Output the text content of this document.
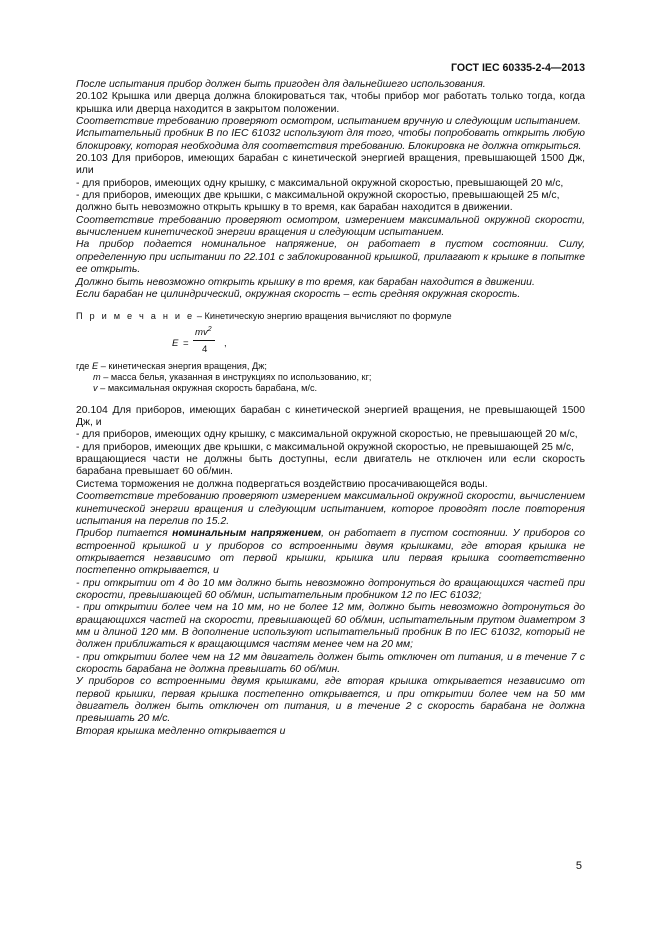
ГОСТ IEC 60335-2-4—2013

После испытания прибор должен быть пригоден для дальнейшего использования.

20.102 Крышка или дверца должна блокироваться так, чтобы прибор мог работать только тогда, когда крышка или дверца находится в закрытом положении.

Соответствие требованию проверяют осмотром, испытанием вручную и следующим испытанием.

Испытательный пробник В по IEC 61032 используют для того, чтобы попробовать открыть любую блокировку, которая необходима для соответствия требованию. Блокировка не должна открыться.

20.103 Для приборов, имеющих барабан с кинетической энергией вращения, превышающей 1500 Дж, или

- для приборов, имеющих одну крышку, с максимальной окружной скоростью, превышающей 20 м/с,

- для приборов, имеющих две крышки, с максимальной окружной скоростью, превышающей 25 м/с,

должно быть невозможно открыть крышку в то время, как барабан находится в движении.

Соответствие требованию проверяют осмотром, измерением максимальной окружной скорости, вычислением кинетической энергии вращения и следующим испытанием.

На прибор подается номинальное напряжение, он работает в пустом состоянии. Силу, определенную при испытании по 22.101 с заблокированной крышкой, прилагают к крышке в попытке ее открыть.

Должно быть невозможно открыть крышку в то время, как барабан находится в движении.

Если барабан не цилиндрический, окружная скорость – есть средняя окружная скорость.

П р и м е ч а н и е – Кинетическую энергию вращения вычисляют по формуле

E =
$mv^2$
4
,

где E – кинетическая энергия вращения, Дж;

m – масса белья, указанная в инструкциях по использованию, кг;

v – максимальная окружная скорость барабана, м/с.

20.104 Для приборов, имеющих барабан с кинетической энергией вращения, не превышающей 1500 Дж, и

- для приборов, имеющих одну крышку, с максимальной окружной скоростью, не превышающей 20 м/с,

- для приборов, имеющих две крышки, с максимальной окружной скоростью, не превышающей 25 м/с,

вращающиеся части не должны быть доступны, если двигатель не отключен или если скорость барабана превышает 60 об/мин.

Система торможения не должна подвергаться воздействию просачивающейся воды.

Соответствие требованию проверяют измерением максимальной окружной скорости, вычислением кинетической энергии вращения и следующим испытанием, которое проводят после повторения испытания на перелив по 15.2.

Прибор питается номинальным напряжением, он работает в пустом состоянии. У приборов со встроенной крышкой и у приборов со встроенными двумя крышками, где вторая крышка не открывается независимо от первой крышки, крышка или первая крышка соответственно постепенно открывается, и

- при открытии от 4 до 10 мм должно быть невозможно дотронуться до вращающихся частей при скорости, превышающей 60 об/мин, испытательным пробником 12 по IEC 61032;

- при открытии более чем на 10 мм, но не более 12 мм, должно быть невозможно дотронуться до вращающихся частей на скорости, превышающей 60 об/мин, испытательным прутом диаметром 3 мм и длиной 120 мм. В дополнение используют испытательный пробник В по IEC 61032, который не должен приближаться к вращающимся частям менее чем на 20 мм;

- при открытии более чем на 12 мм двигатель должен быть отключен от питания, и в течение 7 с скорость барабана не должна превышать 60 об/мин.

У приборов со встроенными двумя крышками, где вторая крышка открывается независимо от первой крышки, первая крышка постепенно открывается, и при открытии более чем на 50 мм двигатель должен быть отключен от питания, и в течение 2 с скорость барабана не должна превышать 20 м/с.

Вторая крышка медленно открывается и

5
